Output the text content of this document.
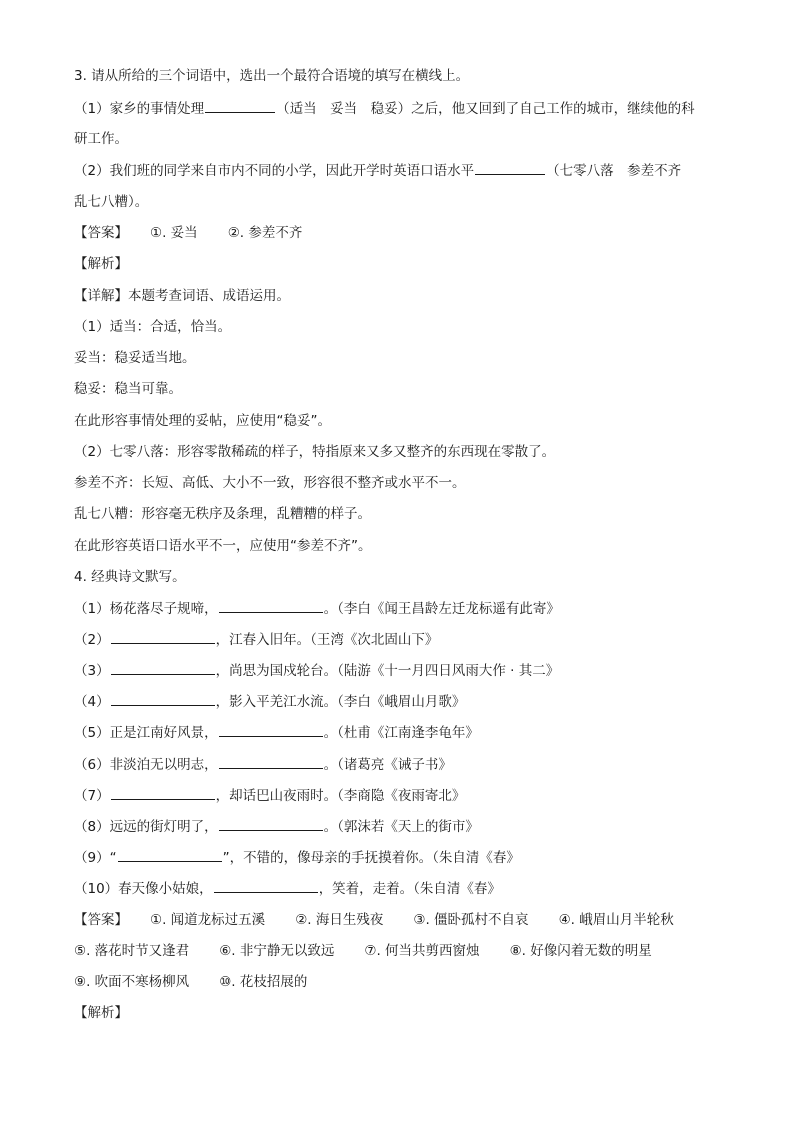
3. 请从所给的三个词语中，选出一个最符合语境的填写在横线上。
（1）家乡的事情处理	（适当　妥当　稳妥）之后，他又回到了自己工作的城市，继续他的科
研工作。
（2）我们班的同学来自市内不同的小学，因此开学时英语口语水平	（七零八落　参差不齐
乱七八糟）。
【答案】 ①. 妥当 ②. 参差不齐
【解析】
【详解】本题考查词语、成语运用。
（1）适当：合适，恰当。
妥当：稳妥适当地。
稳妥：稳当可靠。
在此形容事情处理的妥帖，应使用“稳妥”。
（2）七零八落：形容零散稀疏的样子，特指原来又多又整齐的东西现在零散了。
参差不齐：长短、高低、大小不一致，形容很不整齐或水平不一。
乱七八糟：形容毫无秩序及条理，乱糟糟的样子。
在此形容英语口语水平不一，应使用“参差不齐”。
4. 经典诗文默写。
（1）杨花落尽子规啼，	。（李白《闻王昌龄左迁龙标遥有此寄》
（2）	，江春入旧年。（王湾《次北固山下》
（3）	，尚思为国戍轮台。（陆游《十一月四日风雨大作 · 其二》
（4）	，影入平羌江水流。（李白《峨眉山月歌》
（5）正是江南好风景，	。（杜甫《江南逢李龟年》
（6）非淡泊无以明志，	。（诸葛亮《诫子书》
（7）	，却话巴山夜雨时。（李商隐《夜雨寄北》
（8）远远的街灯明了，	。（郭沫若《天上的街市》
（9）“	”，不错的，像母亲的手抚摸着你。（朱自清《春》
（10）春天像小姑娘，	，笑着，走着。（朱自清《春》
【答案】 ①. 闻道龙标过五溪 ②. 海日生残夜 ③. 僵卧孤村不自哀 ④. 峨眉山月半轮秋
⑤. 落花时节又逢君 ⑥. 非宁静无以致远 ⑦. 何当共剪西窗烛 ⑧. 好像闪着无数的明星
⑨. 吹面不寒杨柳风 ⑩. 花枝招展的
【解析】
